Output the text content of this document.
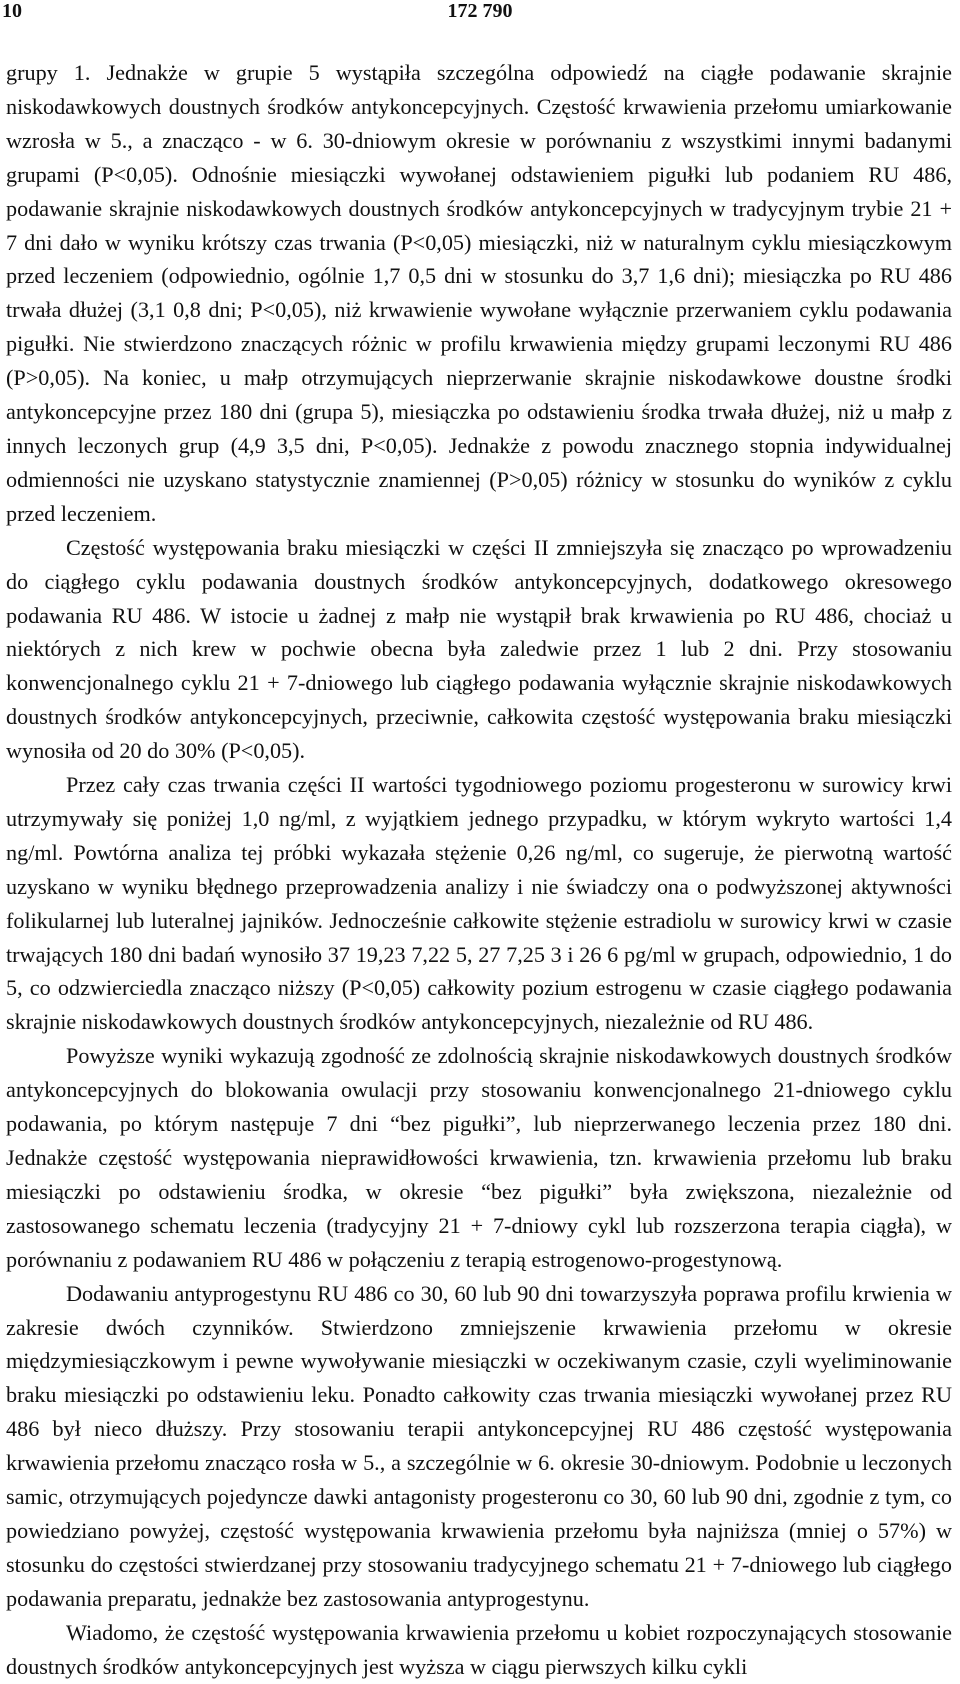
10	172 790

grupy 1. Jednakże w grupie 5 wystąpiła szczególna odpowiedź na ciągłe podawanie skrajnie niskodawkowych doustnych środków antykoncepcyjnych. Częstość krwawienia przełomu umiarkowanie wzrosła w 5., a znacząco - w 6. 30-dniowym okresie w porównaniu z wszystkimi innymi badanymi grupami (P<0,05). Odnośnie miesiączki wywołanej odstawieniem pigułki lub podaniem RU 486, podawanie skrajnie niskodawkowych doustnych środków antykoncepcyjnych w tradycyjnym trybie 21 + 7 dni dało w wyniku krótszy czas trwania (P<0,05) miesiączki, niż w naturalnym cyklu miesiączkowym przed leczeniem (odpowiednio, ogólnie 1,7 0,5 dni w stosunku do 3,7 1,6 dni); miesiączka po RU 486 trwała dłużej (3,1 0,8 dni; P<0,05), niż krwawienie wywołane wyłącznie przerwaniem cyklu podawania pigułki. Nie stwierdzono znaczących różnic w profilu krwawienia między grupami leczonymi RU 486 (P>0,05). Na koniec, u małp otrzymujących nieprzerwanie skrajnie niskodawkowe doustne środki antykoncepcyjne przez 180 dni (grupa 5), miesiączka po odstawieniu środka trwała dłużej, niż u małp z innych leczonych grup (4,9 3,5 dni, P<0,05). Jednakże z powodu znacznego stopnia indywidualnej odmienności nie uzyskano statystycznie znamiennej (P>0,05) różnicy w stosunku do wyników z cyklu przed leczeniem.

Częstość występowania braku miesiączki w części II zmniejszyła się znacząco po wprowadzeniu do ciągłego cyklu podawania doustnych środków antykoncepcyjnych, dodatkowego okresowego podawania RU 486. W istocie u żadnej z małp nie wystąpił brak krwawienia po RU 486, chociaż u niektórych z nich krew w pochwie obecna była zaledwie przez 1 lub 2 dni. Przy stosowaniu konwencjonalnego cyklu 21 + 7-dniowego lub ciągłego podawania wyłącznie skrajnie niskodawkowych doustnych środków antykoncepcyjnych, przeciwnie, całkowita częstość występowania braku miesiączki wynosiła od 20 do 30% (P<0,05).

Przez cały czas trwania części II wartości tygodniowego poziomu progesteronu w surowicy krwi utrzymywały się poniżej 1,0 ng/ml, z wyjątkiem jednego przypadku, w którym wykryto wartości 1,4 ng/ml. Powtórna analiza tej próbki wykazała stężenie 0,26 ng/ml, co sugeruje, że pierwotną wartość uzyskano w wyniku błędnego przeprowadzenia analizy i nie świadczy ona o podwyższonej aktywności folikularnej lub luteralnej jajników. Jednocześnie całkowite stężenie estradiolu w surowicy krwi w czasie trwających 180 dni badań wynosiło 37 19,23 7,22 5, 27 7,25 3 i 26 6 pg/ml w grupach, odpowiednio, 1 do 5, co odzwierciedla znacząco niższy (P<0,05) całkowity pozium estrogenu w czasie ciągłego podawania skrajnie niskodawkowych doustnych środków antykoncepcyjnych, niezależnie od RU 486.

Powyższe wyniki wykazują zgodność ze zdolnością skrajnie niskodawkowych doustnych środków antykoncepcyjnych do blokowania owulacji przy stosowaniu konwencjonalnego 21-dniowego cyklu podawania, po którym następuje 7 dni “bez pigułki”, lub nieprzerwanego leczenia przez 180 dni. Jednakże częstość występowania nieprawidłowości krwawienia, tzn. krwawienia przełomu lub braku miesiączki po odstawieniu środka, w okresie “bez pigułki” była zwiększona, niezależnie od zastosowanego schematu leczenia (tradycyjny 21 + 7-dniowy cykl lub rozszerzona terapia ciągła), w porównaniu z podawaniem RU 486 w połączeniu z terapią estrogenowo-progestynową.

Dodawaniu antyprogestynu RU 486 co 30, 60 lub 90 dni towarzyszyła poprawa profilu krwienia w zakresie dwóch czynników. Stwierdzono zmniejszenie krwawienia przełomu w okresie międzymiesiączkowym i pewne wywoływanie miesiączki w oczekiwanym czasie, czyli wyeliminowanie braku miesiączki po odstawieniu leku. Ponadto całkowity czas trwania miesiączki wywołanej przez RU 486 był nieco dłuższy. Przy stosowaniu terapii antykoncepcyjnej RU 486 częstość występowania krwawienia przełomu znacząco rosła w 5., a szczególnie w 6. okresie 30-dniowym. Podobnie u leczonych samic, otrzymujących pojedyncze dawki antagonisty progesteronu co 30, 60 lub 90 dni, zgodnie z tym, co powiedziano powyżej, częstość występowania krwawienia przełomu była najniższa (mniej o 57%) w stosunku do częstości stwierdzanej przy stosowaniu tradycyjnego schematu 21 + 7-dniowego lub ciągłego podawania preparatu, jednakże bez zastosowania antyprogestynu.

Wiadomo, że częstość występowania krwawienia przełomu u kobiet rozpoczynających stosowanie doustnych środków antykoncepcyjnych jest wyższa w ciągu pierwszych kilku cykli
